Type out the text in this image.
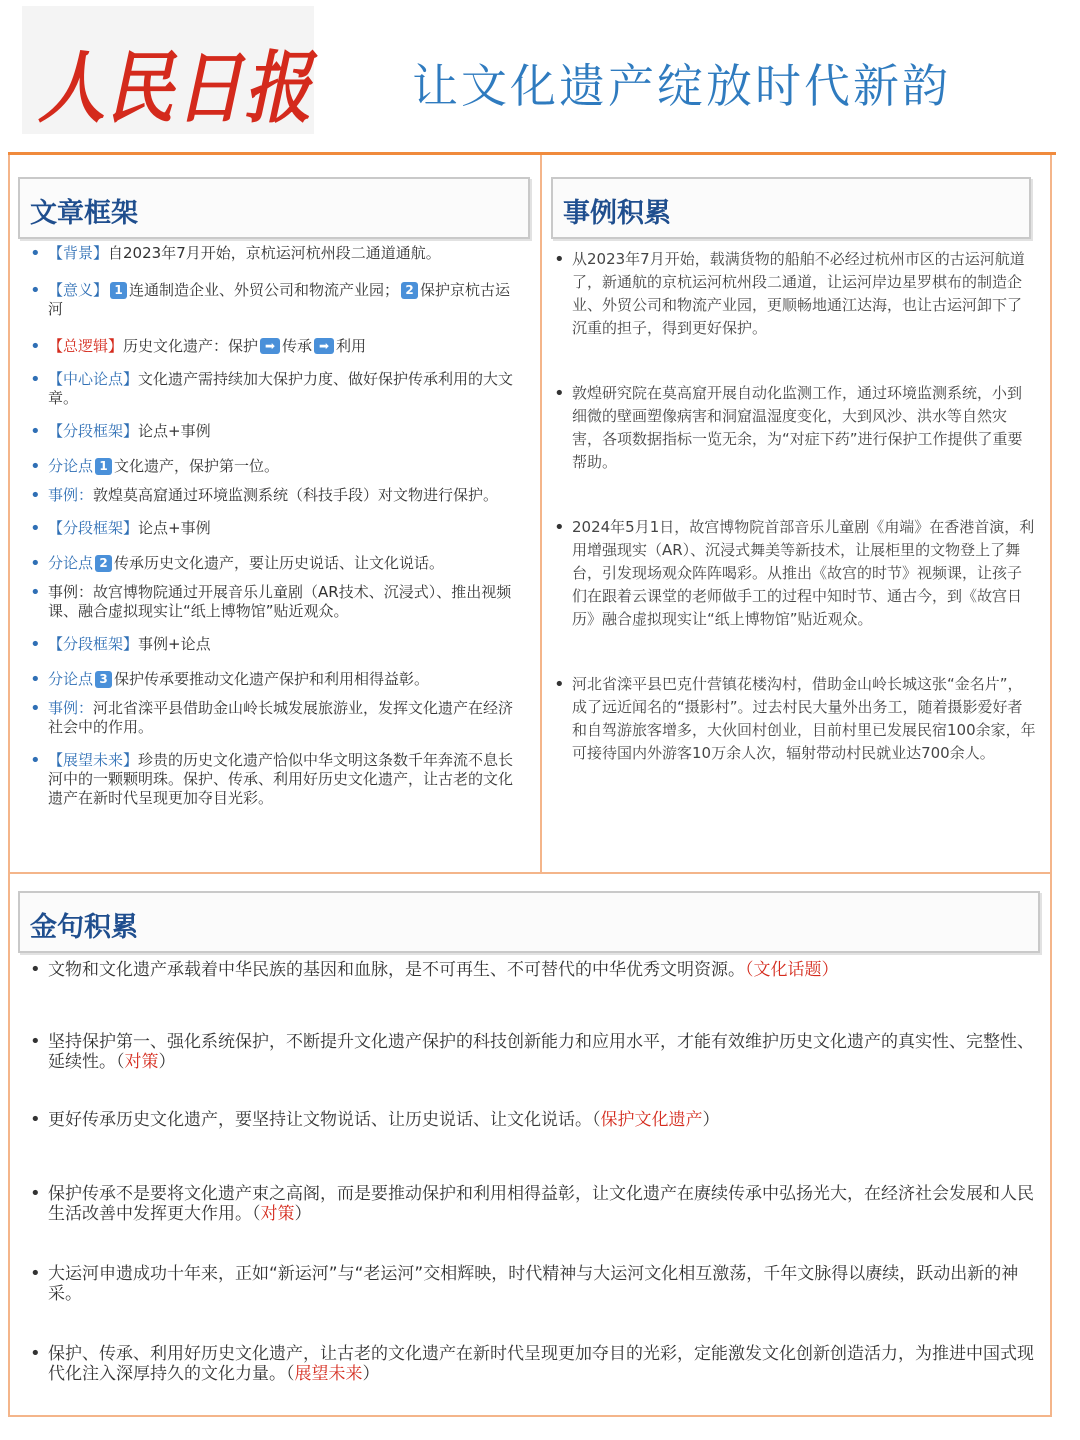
人民日报 让文化遗产绽放时代新韵
文章框架	事例积累
金句积累
• 【背景】自2023年7月开始，京杭运河杭州段二通道通航。
• 【意义】 1 连通制造企业、外贸公司和物流产业园； 2 保护京杭古运河
• 【总逻辑】历史文化遗产：保护 ➡ 传承 ➡ 利用
• 【中心论点】文化遗产需持续加大保护力度、做好保护传承利用的大文章。
• 【分段框架】论点+事例
• 分论点 1 文化遗产，保护第一位。
• 事例：敦煌莫高窟通过环境监测系统（科技手段）对文物进行保护。
• 【分段框架】论点+事例
• 分论点 2 传承历史文化遗产，要让历史说话、让文化说话。
• 事例：故宫博物院通过开展音乐儿童剧（AR技术、沉浸式）、推出视频课、融合虚拟现实让“纸上博物馆”贴近观众。
• 【分段框架】事例+论点
• 分论点 3 保护传承要推动文化遗产保护和利用相得益彰。
• 事例：河北省滦平县借助金山岭长城发展旅游业，发挥文化遗产在经济社会中的作用。
• 【展望未来】珍贵的历史文化遗产恰似中华文明这条数千年奔流不息长河中的一颗颗明珠。保护、传承、利用好历史文化遗产，让古老的文化遗产在新时代呈现更加夺目光彩。
• 从2023年7月开始，载满货物的船舶不必经过杭州市区的古运河航道了，新通航的京杭运河杭州段二通道，让运河岸边星罗棋布的制造企业、外贸公司和物流产业园，更顺畅地通江达海，也让古运河卸下了沉重的担子，得到更好保护。
• 敦煌研究院在莫高窟开展自动化监测工作，通过环境监测系统，小到细微的壁画塑像病害和洞窟温湿度变化，大到风沙、洪水等自然灾害，各项数据指标一览无余，为“对症下药”进行保护工作提供了重要帮助。
• 2024年5月1日，故宫博物院首部音乐儿童剧《甪端》在香港首演，利用增强现实（AR）、沉浸式舞美等新技术，让展柜里的文物登上了舞台，引发现场观众阵阵喝彩。从推出《故宫的时节》视频课，让孩子们在跟着云课堂的老师做手工的过程中知时节、通古今，到《故宫日历》融合虚拟现实让“纸上博物馆”贴近观众。
• 河北省滦平县巴克什营镇花楼沟村，借助金山岭长城这张“金名片”，成了远近闻名的“摄影村”。过去村民大量外出务工，随着摄影爱好者和自驾游旅客增多，大伙回村创业，目前村里已发展民宿100余家，年可接待国内外游客10万余人次，辐射带动村民就业达700余人。
• 文物和文化遗产承载着中华民族的基因和血脉，是不可再生、不可替代的中华优秀文明资源。（文化话题）
• 坚持保护第一、强化系统保护，不断提升文化遗产保护的科技创新能力和应用水平，才能有效维护历史文化遗产的真实性、完整性、延续性。（对策）
• 更好传承历史文化遗产，要坚持让文物说话、让历史说话、让文化说话。（保护文化遗产）
• 保护传承不是要将文化遗产束之高阁，而是要推动保护和利用相得益彰，让文化遗产在赓续传承中弘扬光大，在经济社会发展和人民生活改善中发挥更大作用。（对策）
• 大运河申遗成功十年来，正如“新运河”与“老运河”交相辉映，时代精神与大运河文化相互激荡，千年文脉得以赓续，跃动出新的神采。
• 保护、传承、利用好历史文化遗产，让古老的文化遗产在新时代呈现更加夺目的光彩，定能激发文化创新创造活力，为推进中国式现代化注入深厚持久的文化力量。（展望未来）
